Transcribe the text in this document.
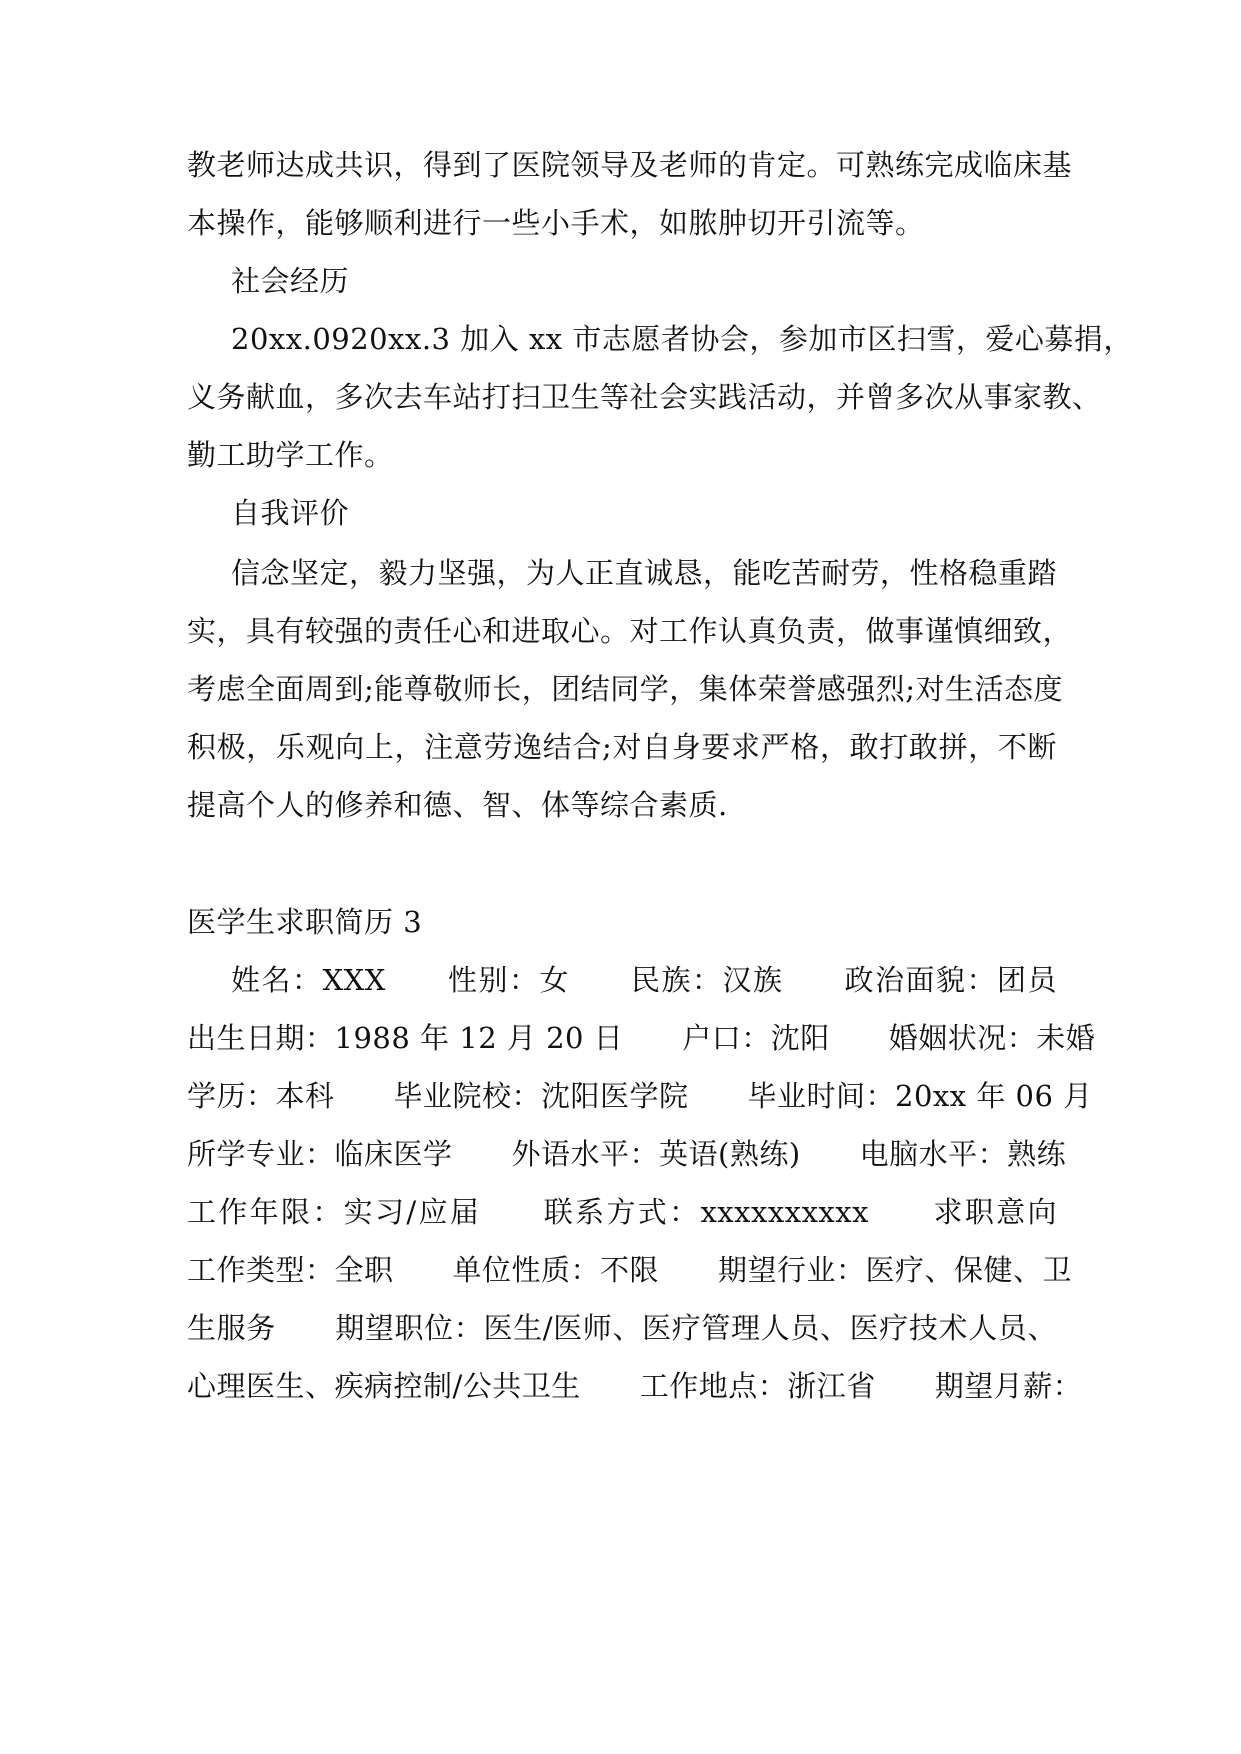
教老师达成共识，得到了医院领导及老师的肯定。可熟练完成临床基
本操作，能够顺利进行一些小手术，如脓肿切开引流等。
社会经历
20xx.0920xx.3 加入 xx 市志愿者协会，参加市区扫雪，爱心募捐，
义务献血，多次去车站打扫卫生等社会实践活动，并曾多次从事家教、
勤工助学工作。
自我评价
信念坚定，毅力坚强，为人正直诚恳，能吃苦耐劳，性格稳重踏
实，具有较强的责任心和进取心。对工作认真负责，做事谨慎细致，
考虑全面周到;能尊敬师长，团结同学，集体荣誉感强烈;对生活态度
积极，乐观向上，注意劳逸结合;对自身要求严格，敢打敢拼，不断
提高个人的修养和德、智、体等综合素质.
医学生求职简历 3
姓名：XXX　　性别：女　　民族：汉族　　政治面貌：团员
出生日期：1988 年 12 月 20 日　　户口：沈阳　　婚姻状况：未婚
学历：本科　　毕业院校：沈阳医学院　　毕业时间：20xx 年 06 月
所学专业：临床医学　　外语水平：英语(熟练)　　电脑水平：熟练
工作年限：实习/应届　　联系方式：xxxxxxxxxx　　求职意向
工作类型：全职　　单位性质：不限　　期望行业：医疗、保健、卫
生服务　　期望职位：医生/医师、医疗管理人员、医疗技术人员、
心理医生、疾病控制/公共卫生　　工作地点：浙江省　　期望月薪：
